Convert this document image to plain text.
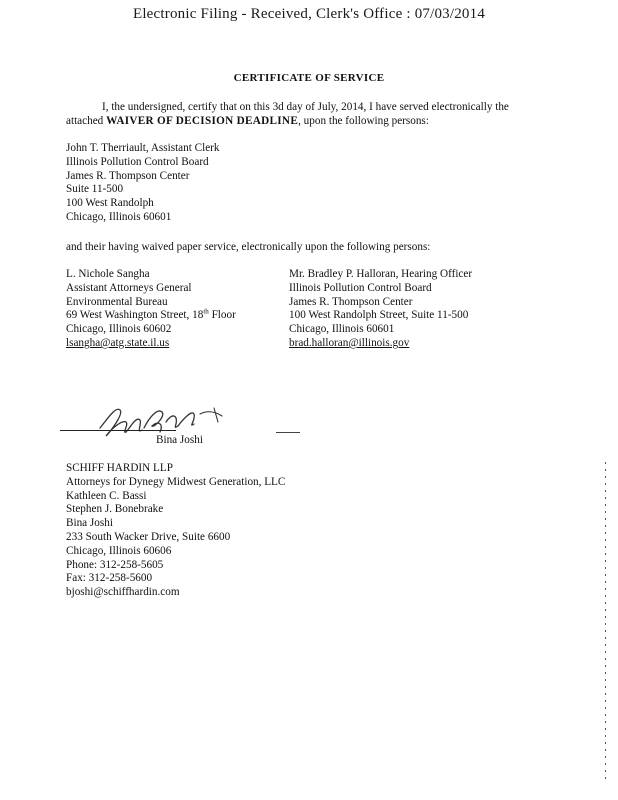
Electronic Filing - Received, Clerk's Office : 07/03/2014
CERTIFICATE OF SERVICE
I, the undersigned, certify that on this 3d day of July, 2014, I have served electronically the attached WAIVER OF DECISION DEADLINE, upon the following persons:
John T. Therriault, Assistant Clerk
Illinois Pollution Control Board
James R. Thompson Center
Suite 11-500
100 West Randolph
Chicago, Illinois 60601
and their having waived paper service, electronically upon the following persons:
L. Nichole Sangha
Assistant Attorneys General
Environmental Bureau
69 West Washington Street, 18th Floor
Chicago, Illinois 60602
lsangha@atg.state.il.us
Mr. Bradley P. Halloran, Hearing Officer
Illinois Pollution Control Board
James R. Thompson Center
100 West Randolph Street, Suite 11-500
Chicago, Illinois 60601
brad.halloran@illinois.gov
Bina Joshi
SCHIFF HARDIN LLP
Attorneys for Dynegy Midwest Generation, LLC
Kathleen C. Bassi
Stephen J. Bonebrake
Bina Joshi
233 South Wacker Drive, Suite 6600
Chicago, Illinois 60606
Phone: 312-258-5605
Fax: 312-258-5600
bjoshi@schiffhardin.com
